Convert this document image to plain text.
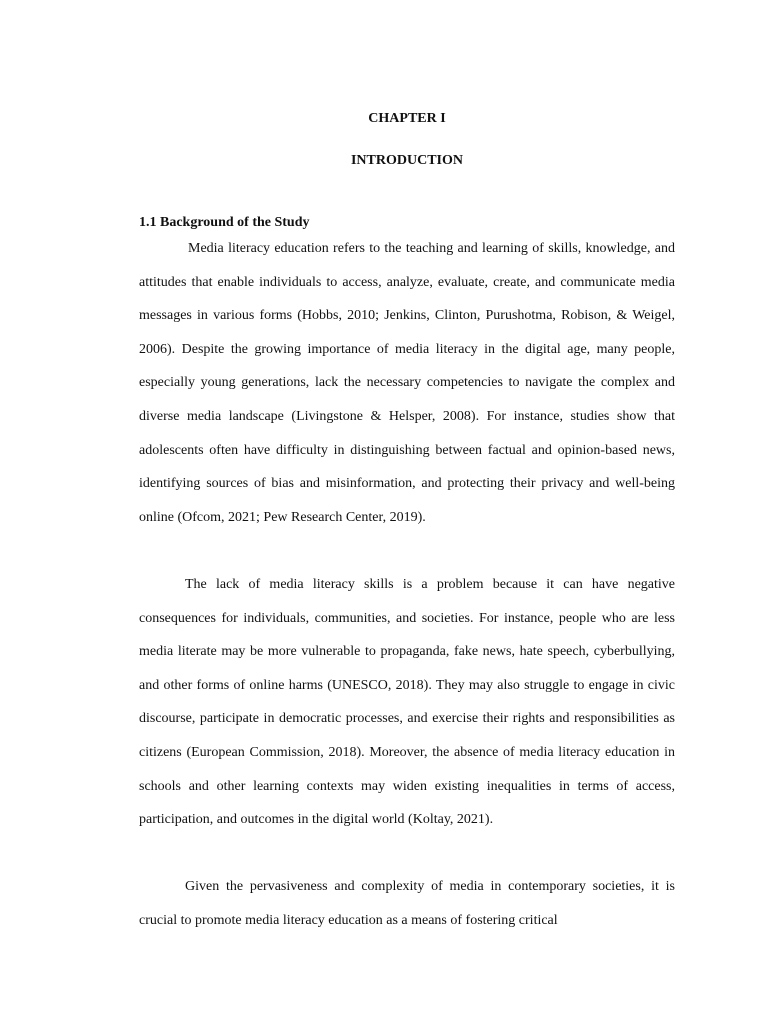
CHAPTER I
INTRODUCTION
1.1 Background of the Study

Media literacy education refers to the teaching and learning of skills, knowledge, and attitudes that enable individuals to access, analyze, evaluate, create, and communicate media messages in various forms (Hobbs, 2010; Jenkins, Clinton, Purushotma, Robison, & Weigel, 2006). Despite the growing importance of media literacy in the digital age, many people, especially young generations, lack the necessary competencies to navigate the complex and diverse media landscape (Livingstone & Helsper, 2008). For instance, studies show that adolescents often have difficulty in distinguishing between factual and opinion-based news, identifying sources of bias and misinformation, and protecting their privacy and well-being online (Ofcom, 2021; Pew Research Center, 2019).

The lack of media literacy skills is a problem because it can have negative consequences for individuals, communities, and societies. For instance, people who are less media literate may be more vulnerable to propaganda, fake news, hate speech, cyberbullying, and other forms of online harms (UNESCO, 2018). They may also struggle to engage in civic discourse, participate in democratic processes, and exercise their rights and responsibilities as citizens (European Commission, 2018). Moreover, the absence of media literacy education in schools and other learning contexts may widen existing inequalities in terms of access, participation, and outcomes in the digital world (Koltay, 2021).

Given the pervasiveness and complexity of media in contemporary societies, it is crucial to promote media literacy education as a means of fostering critical
